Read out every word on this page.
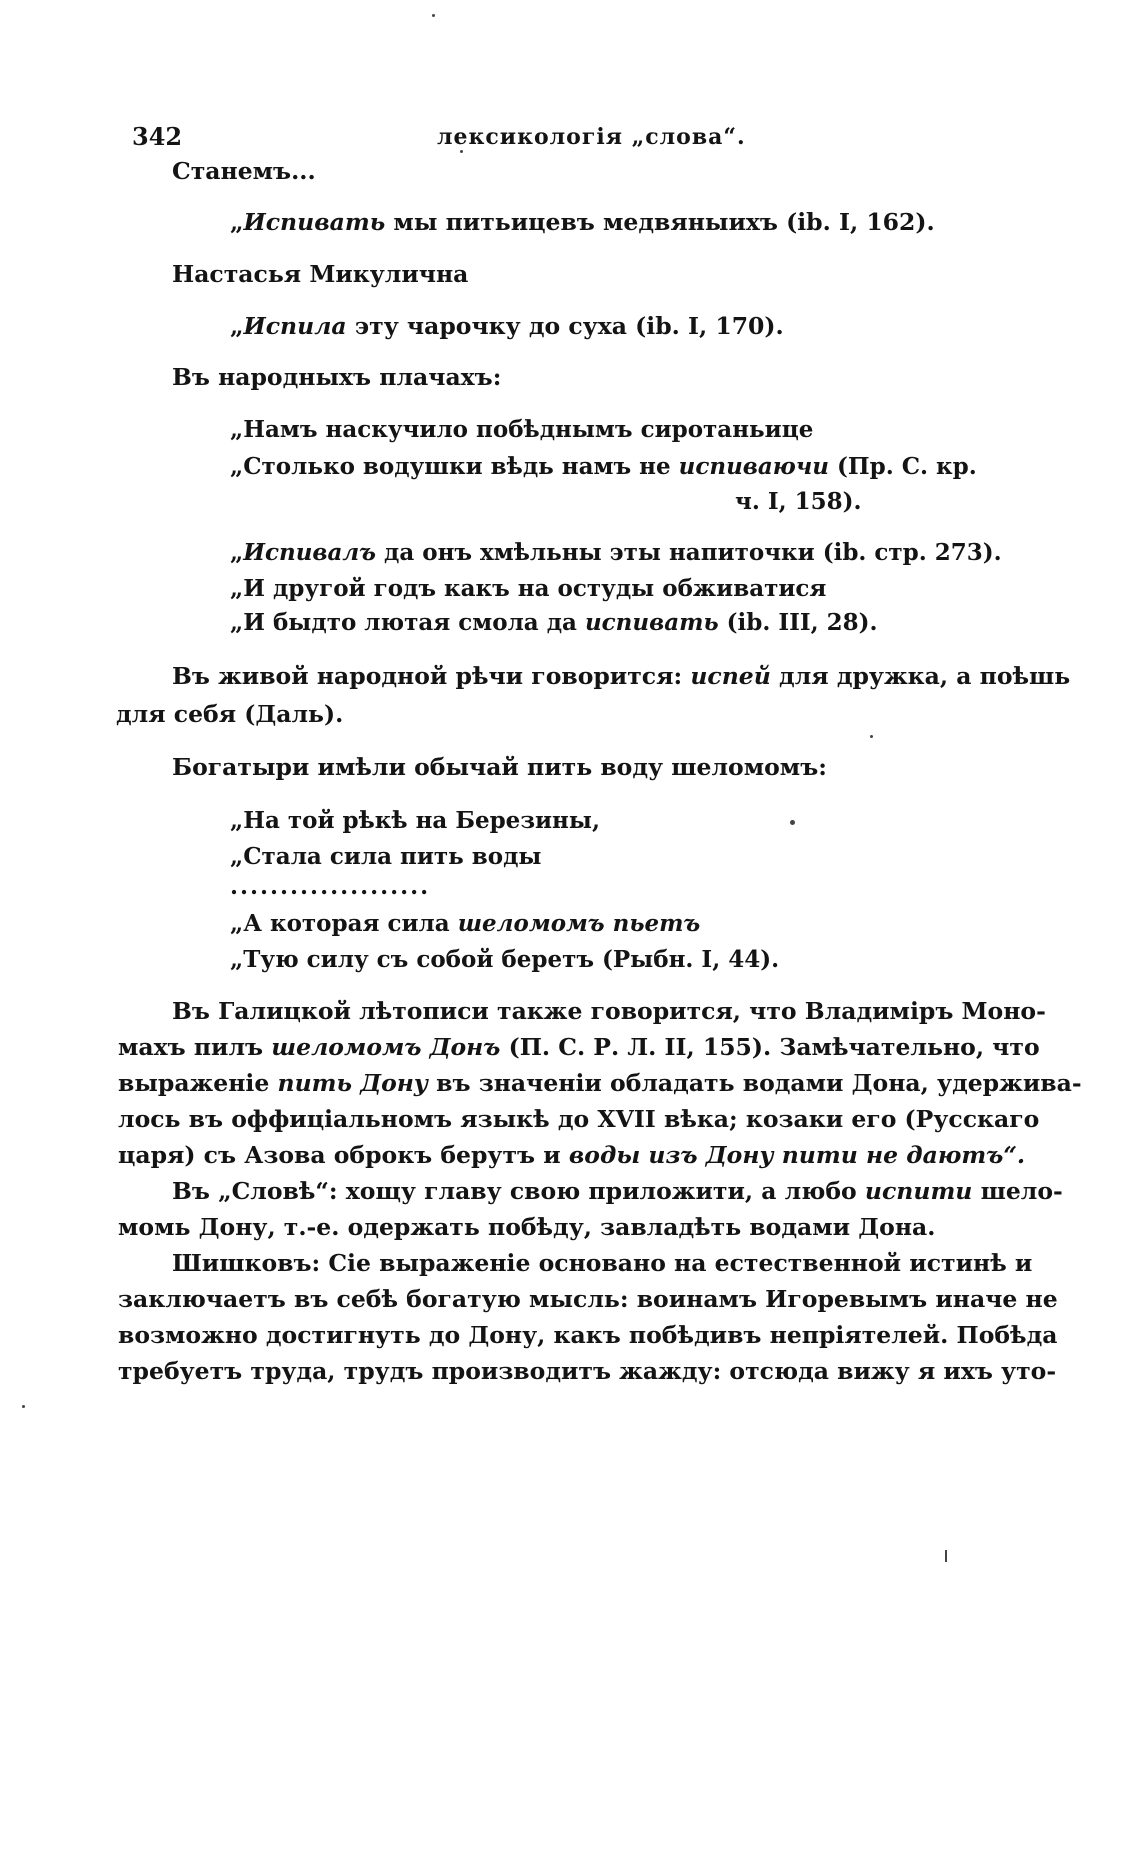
342	лексикологія „слова“.
Станемъ...
„Испивать мы питьицевъ медвяныихъ (ib. I, 162).
Настасья Микулична
„Испила эту чарочку до суха (ib. I, 170).
Въ народныхъ плачахъ:
„Намъ наскучило побѣднымъ сиротаньице
„Столько водушки вѣдь намъ не испиваючи (Пр. С. кр.
ч. I, 158).
„Испивалъ да онъ хмѣльны эты напиточки (ib. стр. 273).
„И другой годъ какъ на остуды обживатися
„И быдто лютая смола да испивать (ib. III, 28).
Въ живой народной рѣчи говорится: испей для дружка, а поѣшь
для себя (Даль).
Богатыри имѣли обычай пить воду шеломомъ:
„На той рѣкѣ на Березины,
„Стала сила пить воды
....................
„А которая сила шеломомъ пьетъ
„Тую силу съ собой беретъ (Рыбн. I, 44).
Въ Галицкой лѣтописи также говорится, что Владиміръ Моно-
махъ пилъ шеломомъ Донъ (П. С. Р. Л. II, 155). Замѣчательно, что
выраженіе пить Дону въ значеніи обладать водами Дона, удержива-
лось въ оффиціальномъ языкѣ до XVII вѣка; козаки его (Русскаго
царя) съ Азова оброкъ берутъ и воды изъ Дону пити не даютъ“.
Въ „Словѣ“: хощу главу свою приложити, а любо испити шело-
момь Дону, т.-е. одержать побѣду, завладѣть водами Дона.
Шишковъ: Сіе выраженіе основано на естественной истинѣ и
заключаетъ въ себѣ богатую мысль: воинамъ Игоревымъ иначе не
возможно достигнуть до Дону, какъ побѣдивъ непріятелей. Побѣда
требуетъ труда, трудъ производитъ жажду: отсюда вижу я ихъ уто-
